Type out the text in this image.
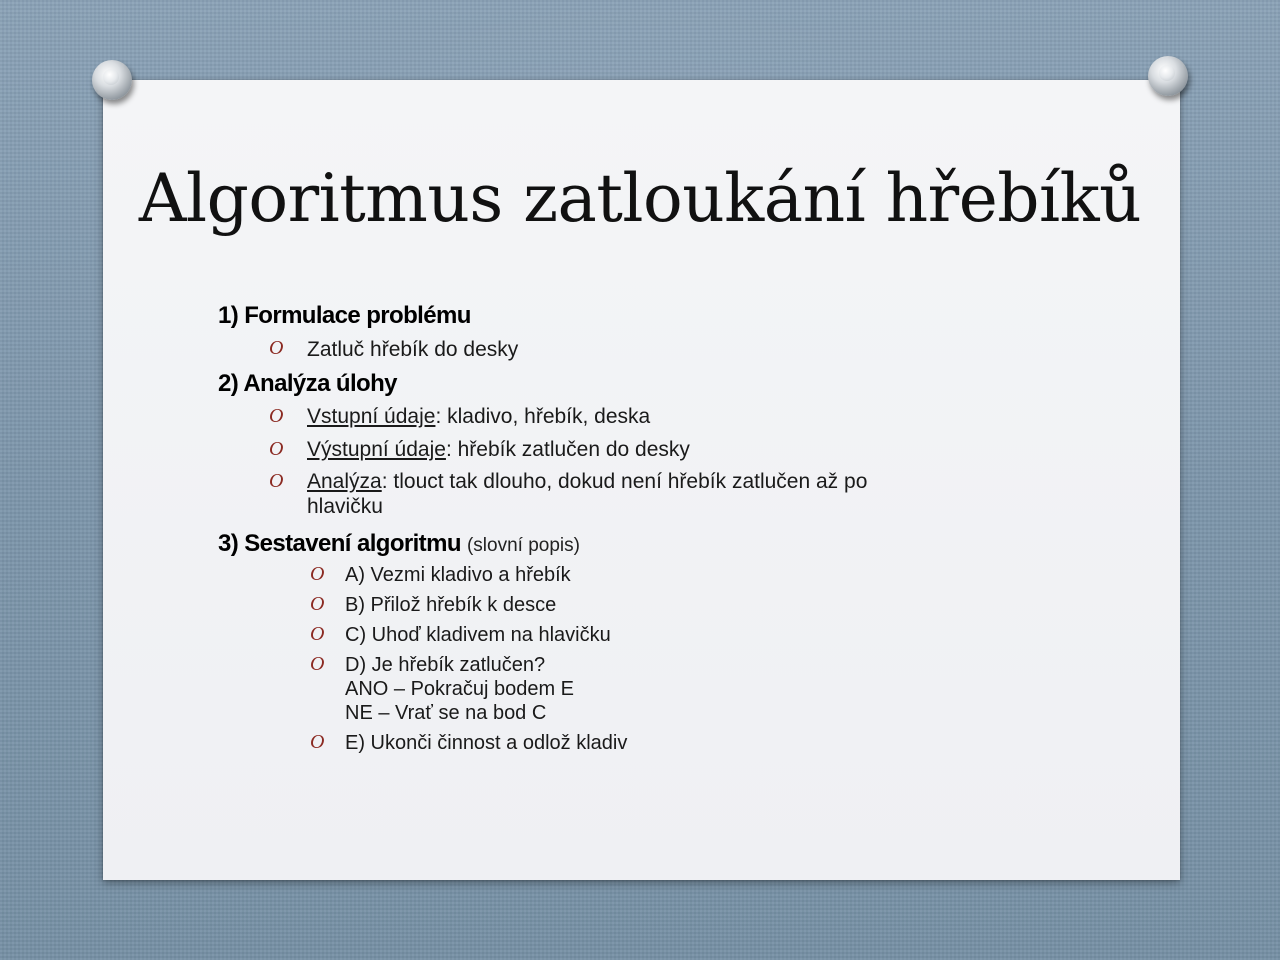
Algoritmus zatloukání hřebíků
1) Formulace problému
O Zatluč hřebík do desky
2) Analýza úlohy
O Vstupní údaje: kladivo, hřebík, deska
O Výstupní údaje: hřebík zatlučen do desky
O Analýza: tlouct tak dlouho, dokud není hřebík zatlučen až po
hlavičku
3) Sestavení algoritmu (slovní popis)
O A) Vezmi kladivo a hřebík
O B) Přilož hřebík k desce
O C) Uhoď kladivem na hlavičku
O D) Je hřebík zatlučen?
ANO – Pokračuj bodem E
NE – Vrať se na bod C
O E) Ukonči činnost a odlož kladiv
